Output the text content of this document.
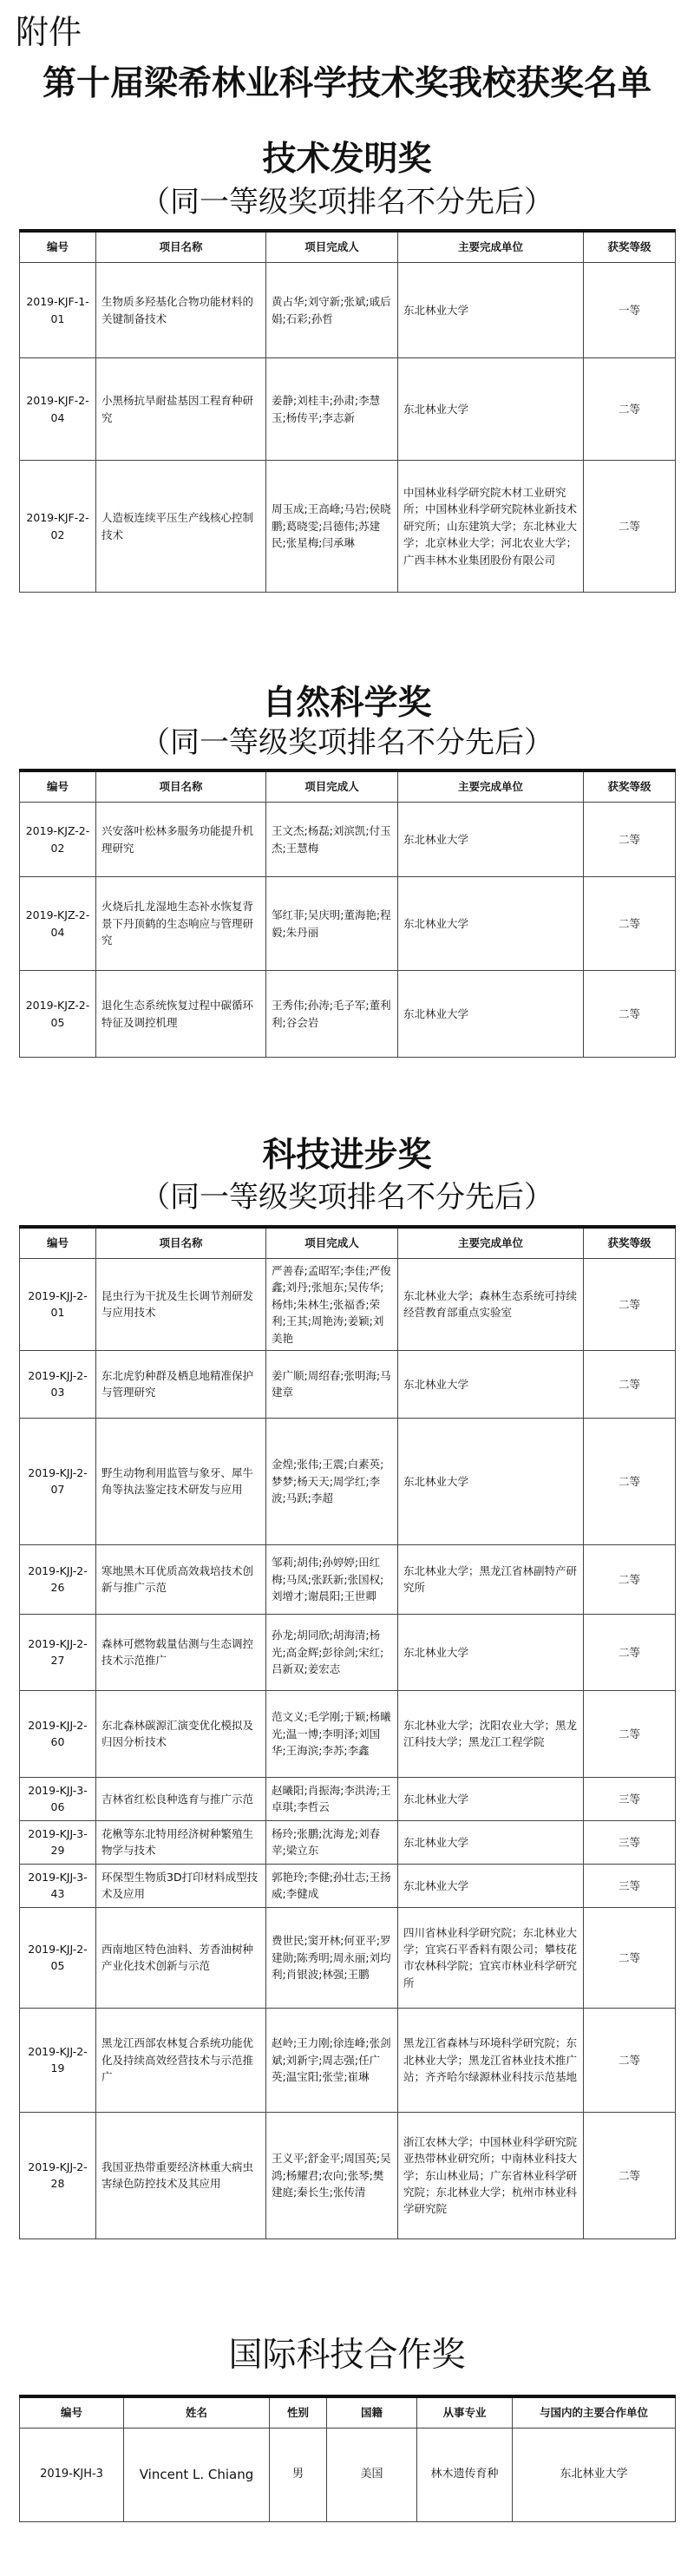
附件
第十届梁希林业科学技术奖我校获奖名单
技术发明奖
（同一等级奖项排名不分先后）
编号	项目名称	项目完成人	主要完成单位	获奖等级
2019-KJF-1-01	生物质多羟基化合物功能材料的关键制备技术	黄占华;刘守新;张斌;戚后娟;石彩;孙哲	东北林业大学	一等
2019-KJF-2-04	小黑杨抗旱耐盐基因工程育种研究	姜静;刘桂丰;孙肃;李慧玉;杨传平;李志新	东北林业大学	二等
2019-KJF-2-02	人造板连续平压生产线核心控制技术	周玉成;王高峰;马岩;侯晓鹏;葛晓雯;吕德伟;苏建民;张星梅;闫承琳	中国林业科学研究院木材工业研究所；中国林业科学研究院林业新技术研究所；山东建筑大学；东北林业大学；北京林业大学；河北农业大学；广西丰林木业集团股份有限公司	二等
自然科学奖
（同一等级奖项排名不分先后）
编号	项目名称	项目完成人	主要完成单位	获奖等级
2019-KJZ-2-02	兴安落叶松林多服务功能提升机理研究	王文杰;杨磊;刘滨凯;付玉杰;王慧梅	东北林业大学	二等
2019-KJZ-2-04	火烧后扎龙湿地生态补水恢复背景下丹顶鹤的生态响应与管理研究	邹红菲;吴庆明;董海艳;程毅;朱丹丽	东北林业大学	二等
2019-KJZ-2-05	退化生态系统恢复过程中碳循环特征及调控机理	王秀伟;孙涛;毛子军;董利利;谷会岩	东北林业大学	二等
科技进步奖
（同一等级奖项排名不分先后）
编号	项目名称	项目完成人	主要完成单位	获奖等级
2019-KJJ-2-01	昆虫行为干扰及生长调节剂研发与应用技术	严善春;孟昭军;李佳;严俊鑫;刘丹;张旭东;吴传华;杨炜;朱林生;张福香;荣利;王其;周艳涛;姜颖;刘美艳	东北林业大学；森林生态系统可持续经营教育部重点实验室	二等
2019-KJJ-2-03	东北虎豹种群及栖息地精准保护与管理研究	姜广顺;周绍春;张明海;马建章	东北林业大学	二等
2019-KJJ-2-07	野生动物利用监管与象牙、犀牛角等执法鉴定技术研发与应用	金煌;张伟;王震;白素英;梦梦;杨天天;周学红;李波;马跃;李超	东北林业大学	二等
2019-KJJ-2-26	寒地黑木耳优质高效栽培技术创新与推广示范	邹莉;胡伟;孙婷婷;田红梅;马凤;张跃新;张国权;刘增才;谢晨阳;王世卿	东北林业大学；黑龙江省林副特产研究所	二等
2019-KJJ-2-27	森林可燃物载量估测与生态调控技术示范推广	孙龙;胡同欣;胡海清;杨光;高金辉;彭徐剑;宋红;吕新双;姜宏志	东北林业大学	二等
2019-KJJ-2-60	东北森林碳源汇演变优化模拟及归因分析技术	范文义;毛学刚;于颖;杨曦光;温一博;李明泽;刘国华;王海滨;李苏;李鑫	东北林业大学；沈阳农业大学；黑龙江科技大学；黑龙江工程学院	二等
2019-KJJ-3-06	吉林省红松良种选育与推广示范	赵曦阳;肖振海;李洪涛;王卓琪;李哲云	东北林业大学	三等
2019-KJJ-3-29	花楸等东北特用经济树种繁殖生物学与技术	杨玲;张鹏;沈海龙;刘春苹;梁立东	东北林业大学	三等
2019-KJJ-3-43	环保型生物质3D打印材料成型技术及应用	郭艳玲;李健;孙壮志;王扬威;李健成	东北林业大学	三等
2019-KJJ-2-05	西南地区特色油料、芳香油树种产业化技术创新与示范	费世民;窦开林;何亚平;罗建勋;陈秀明;周永丽;刘均利;肖银波;林强;王鹏	四川省林业科学研究院；东北林业大学；宜宾石平香料有限公司；攀枝花市农林科学院；宜宾市林业科学研究所	二等
2019-KJJ-2-19	黑龙江西部农林复合系统功能优化及持续高效经营技术与示范推广	赵岭;王力刚;徐连峰;张剑斌;刘新宇;周志强;任广英;温宝阳;张莹;崔琳	黑龙江省森林与环境科学研究院；东北林业大学；黑龙江省林业技术推广站；齐齐哈尔绿源林业科技示范基地	二等
2019-KJJ-2-28	我国亚热带重要经济林重大病虫害绿色防控技术及其应用	王义平;舒金平;周国英;吴鸿;杨耀君;农向;张琴;樊建庭;秦长生;张传清	浙江农林大学；中国林业科学研究院亚热带林业研究所；中南林业科技大学；东山林业局；广东省林业科学研究院；东北林业大学；杭州市林业科学研究院	二等
国际科技合作奖
编号	姓名	性别	国籍	从事专业	与国内的主要合作单位
2019-KJH-3	Vincent L. Chiang	男	美国	林木遗传育种	东北林业大学
